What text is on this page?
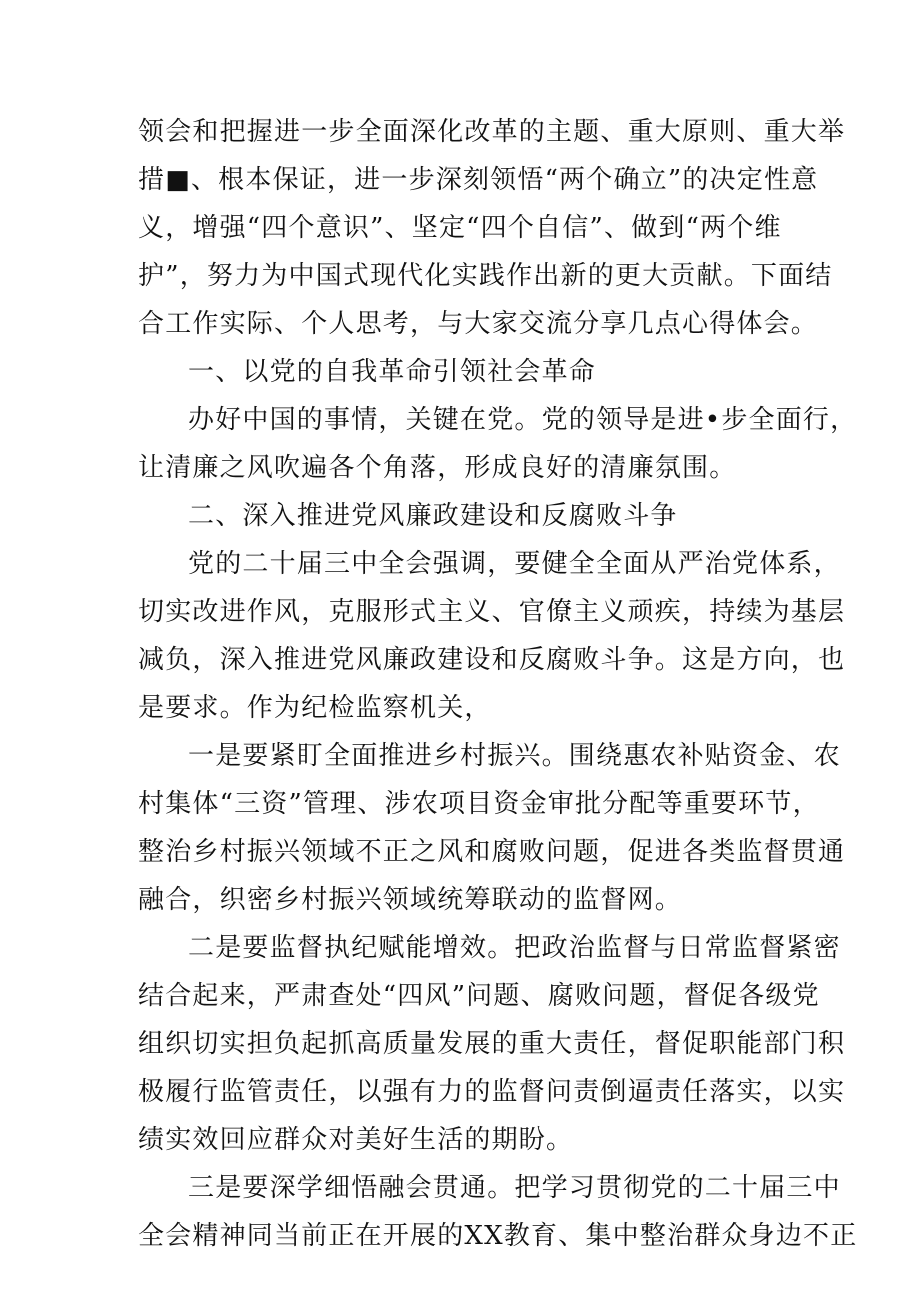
领会和把握进一步全面深化改革的主题、重大原则、重大举
措■、根本保证，进一步深刻领悟“两个确立”的决定性意
义，增强“四个意识”、坚定“四个自信”、做到“两个维
护”，努力为中国式现代化实践作出新的更大贡献。下面结
合工作实际、个人思考，与大家交流分享几点心得体会。
一、以党的自我革命引领社会革命
办好中国的事情，关键在党。党的领导是进•步全面行，
让清廉之风吹遍各个角落，形成良好的清廉氛围。
二、深入推进党风廉政建设和反腐败斗争
党的二十届三中全会强调，要健全全面从严治党体系，
切实改进作风，克服形式主义、官僚主义顽疾，持续为基层
减负，深入推进党风廉政建设和反腐败斗争。这是方向，也
是要求。作为纪检监察机关，
一是要紧盯全面推进乡村振兴。围绕惠农补贴资金、农
村集体“三资”管理、涉农项目资金审批分配等重要环节，
整治乡村振兴领域不正之风和腐败问题，促进各类监督贯通
融合，织密乡村振兴领域统筹联动的监督网。
二是要监督执纪赋能增效。把政治监督与日常监督紧密
结合起来，严肃查处“四风”问题、腐败问题，督促各级党
组织切实担负起抓高质量发展的重大责任，督促职能部门积
极履行监管责任，以强有力的监督问责倒逼责任落实，以实
绩实效回应群众对美好生活的期盼。
三是要深学细悟融会贯通。把学习贯彻党的二十届三中
全会精神同当前正在开展的XX教育、集中整治群众身边不正
